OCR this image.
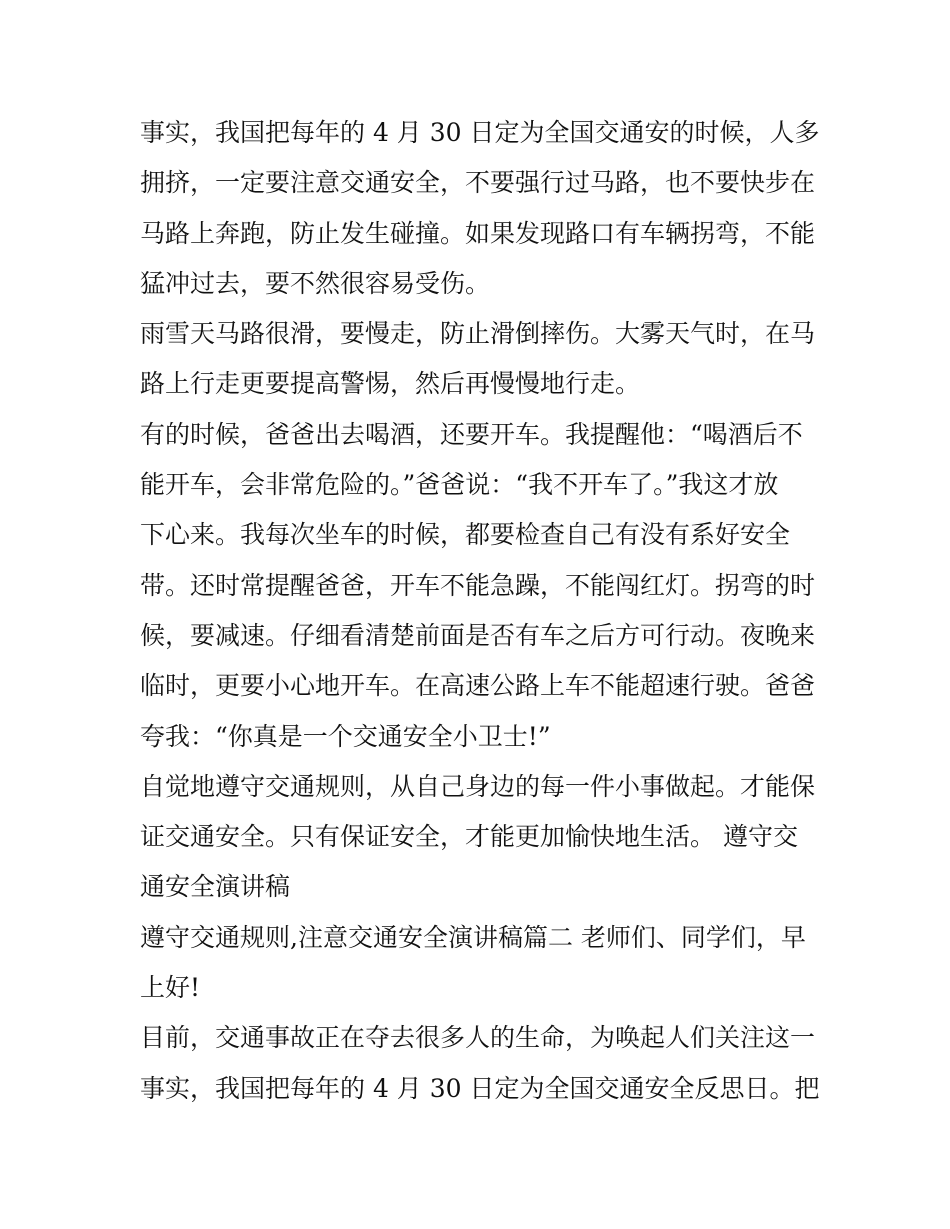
事实，我国把每年的 4 月 30 日定为全国交通安的时候，人多
拥挤，一定要注意交通安全，不要强行过马路，也不要快步在
马路上奔跑，防止发生碰撞。如果发现路口有车辆拐弯，不能
猛冲过去，要不然很容易受伤。
雨雪天马路很滑，要慢走，防止滑倒摔伤。大雾天气时，在马
路上行走更要提高警惕，然后再慢慢地行走。
有的时候，爸爸出去喝酒，还要开车。我提醒他：“喝酒后不
能开车，会非常危险的。”爸爸说：“我不开车了。”我这才放
下心来。我每次坐车的时候，都要检查自己有没有系好安全
带。还时常提醒爸爸，开车不能急躁，不能闯红灯。拐弯的时
候，要减速。仔细看清楚前面是否有车之后方可行动。夜晚来
临时，更要小心地开车。在高速公路上车不能超速行驶。爸爸
夸我：“你真是一个交通安全小卫士!”
自觉地遵守交通规则，从自己身边的每一件小事做起。才能保
证交通安全。只有保证安全，才能更加愉快地生活。 遵守交
通安全演讲稿
遵守交通规则,注意交通安全演讲稿篇二 老师们、同学们，早
上好!
目前，交通事故正在夺去很多人的生命，为唤起人们关注这一
事实，我国把每年的 4 月 30 日定为全国交通安全反思日。把
